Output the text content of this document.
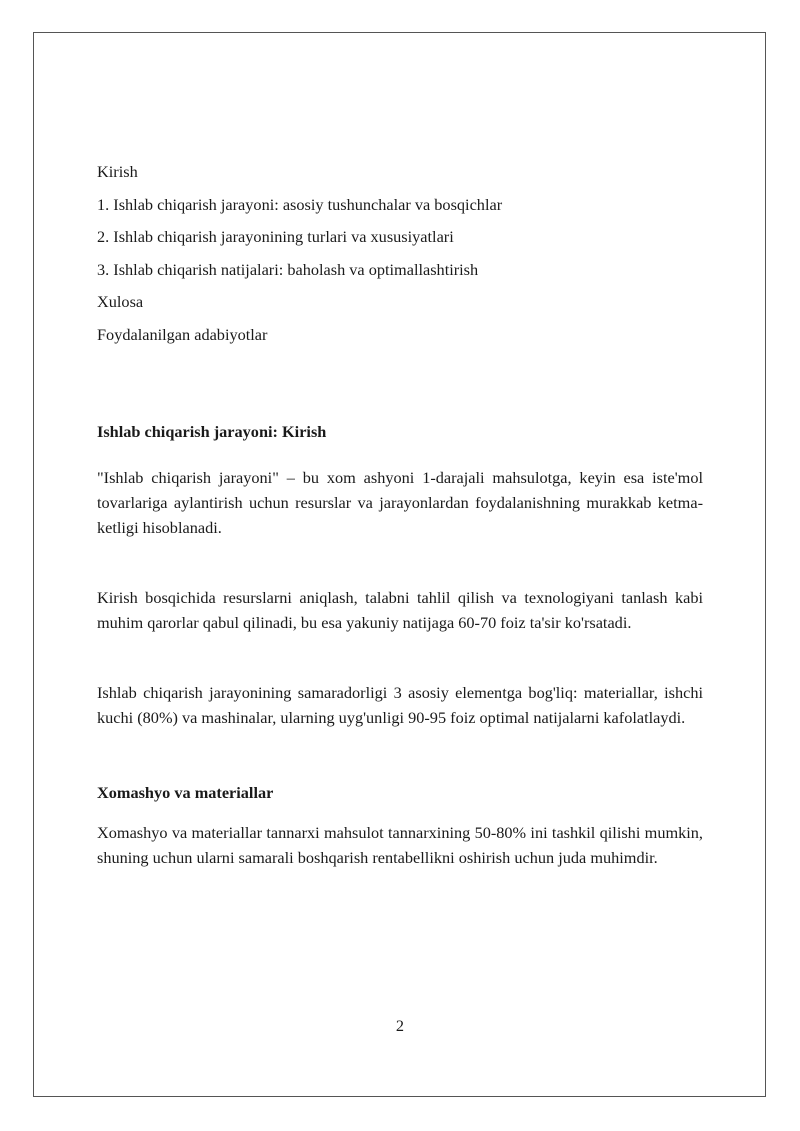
Kirish
1. Ishlab chiqarish jarayoni: asosiy tushunchalar va bosqichlar
2. Ishlab chiqarish jarayonining turlari va xususiyatlari
3. Ishlab chiqarish natijalari: baholash va optimallashtirish
Xulosa
Foydalanilgan adabiyotlar
Ishlab chiqarish jarayoni: Kirish

"Ishlab chiqarish jarayoni" – bu xom ashyoni 1-darajali mahsulotga, keyin esa iste'mol tovarlariga aylantirish uchun resurslar va jarayonlardan foydalanishning murakkab ketma-ketligi hisoblanadi.

Kirish bosqichida resurslarni aniqlash, talabni tahlil qilish va texnologiyani tanlash kabi muhim qarorlar qabul qilinadi, bu esa yakuniy natijaga 60-70 foiz ta'sir ko'rsatadi.

Ishlab chiqarish jarayonining samaradorligi 3 asosiy elementga bog'liq: materiallar, ishchi kuchi (80%) va mashinalar, ularning uyg'unligi 90-95 foiz optimal natijalarni kafolatlaydi.

Xomashyo va materiallar

Xomashyo va materiallar tannarxi mahsulot tannarxining 50-80% ini tashkil qilishi mumkin, shuning uchun ularni samarali boshqarish rentabellikni oshirish uchun juda muhimdir.

2
